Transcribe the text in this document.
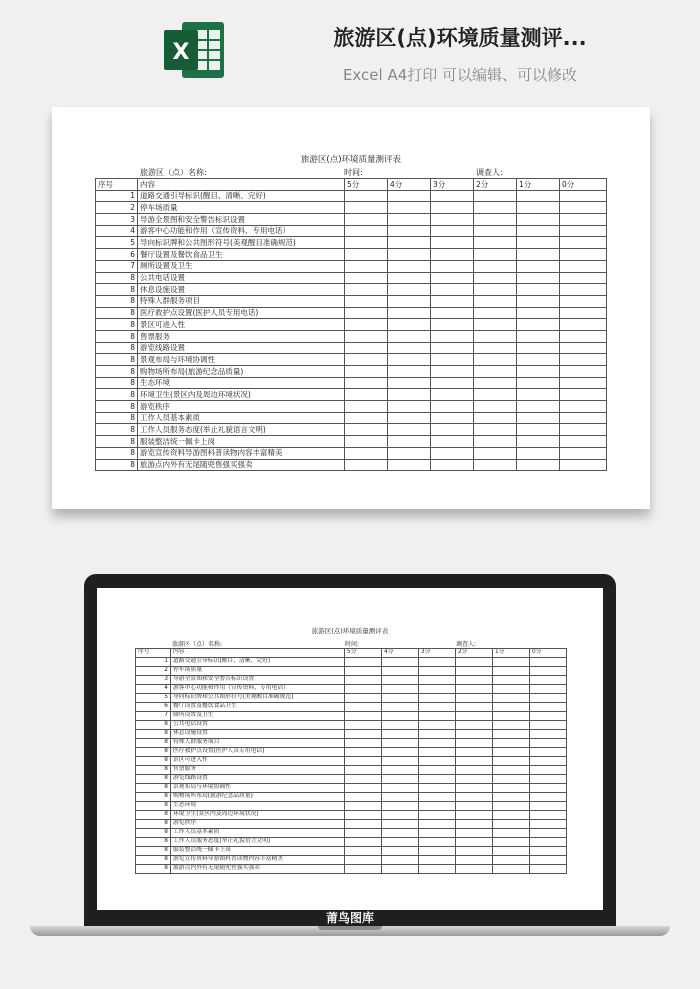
X
旅游区(点)环境质量测评...
Excel A4打印 可以编辑、可以修改
旅游区(点)环境质量测评表
旅游区（点）名称:	时间:	调查人:
序号	内容	5分	4分	3分	2分	1分	0分
1	道路交通引导标识(醒目、清晰、完好)						
2	停车场质量						
3	导游全景图和安全警告标识设置						
4	游客中心功能和作用（宣传资料、专用电话）						
5	导向标识牌和公共图形符号(美观醒目准确规范)						
6	餐厅设置及餐饮食品卫生						
7	厕所设置及卫生						
8	公共电话设置						
8	休息设施设置						
8	特殊人群服务项目						
8	医疗救护点设置(医护人员专用电话)						
8	景区可进入性						
8	售票服务						
8	游览线路设置						
8	景观布局与环境协调性						
8	购物场所布局(旅游纪念品质量)						
8	生态环境						
8	环境卫生(景区内及周边环境状况)						
8	游览秩序						
8	工作人员基本素质						
8	工作人员服务态度(举止礼貌语言文明)						
8	服装整洁统一佩卡上岗						
8	游览宣传资料导游图科普读物内容丰富精美						
8	旅游点内外有无尾随兜售强买强卖						
旅游区(点)环境质量测评表
旅游区（点）名称:	时间:	调查人:
序号	内容	5分	4分	3分	2分	1分	0分
1	道路交通引导标识(醒目、清晰、完好)						
2	停车场质量						
3	导游全景图和安全警告标识设置						
4	游客中心功能和作用（宣传资料、专用电话）						
5	导向标识牌和公共图形符号(美观醒目准确规范)						
6	餐厅设置及餐饮食品卫生						
7	厕所设置及卫生						
8	公共电话设置						
8	休息设施设置						
8	特殊人群服务项目						
8	医疗救护点设置(医护人员专用电话)						
8	景区可进入性						
8	售票服务						
8	游览线路设置						
8	景观布局与环境协调性						
8	购物场所布局(旅游纪念品质量)						
8	生态环境						
8	环境卫生(景区内及周边环境状况)						
8	游览秩序						
8	工作人员基本素质						
8	工作人员服务态度(举止礼貌语言文明)						
8	服装整洁统一佩卡上岗						
8	游览宣传资料导游图科普读物内容丰富精美						
8	旅游点内外有无尾随兜售强买强卖						
莆鸟图库
